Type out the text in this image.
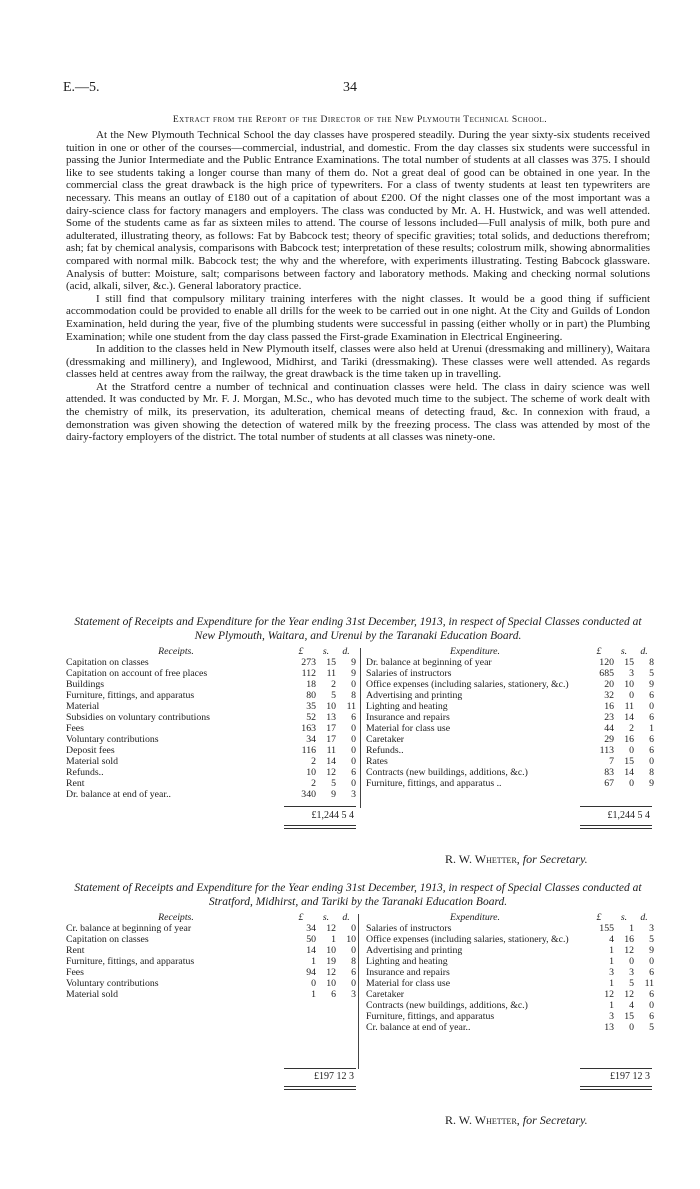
E.—5.	34
Extract from the Report of the Director of the New Plymouth Technical School.

At the New Plymouth Technical School the day classes have prospered steadily. During the year sixty-six students received tuition in one or other of the courses—commercial, industrial, and domestic. From the day classes six students were successful in passing the Junior Intermediate and the Public Entrance Examinations. The total number of students at all classes was 375. I should like to see students taking a longer course than many of them do. Not a great deal of good can be obtained in one year. In the commercial class the great drawback is the high price of typewriters. For a class of twenty students at least ten typewriters are necessary. This means an outlay of £180 out of a capitation of about £200. Of the night classes one of the most important was a dairy-science class for factory managers and employers. The class was conducted by Mr. A. H. Hustwick, and was well attended. Some of the students came as far as sixteen miles to attend. The course of lessons included—Full analysis of milk, both pure and adulterated, illustrating theory, as follows: Fat by Babcock test; theory of specific gravities; total solids, and deductions therefrom; ash; fat by chemical analysis, comparisons with Babcock test; interpretation of these results; colostrum milk, showing abnormalities compared with normal milk. Babcock test; the why and the wherefore, with experiments illustrating. Testing Babcock glassware. Analysis of butter: Moisture, salt; comparisons between factory and laboratory methods. Making and checking normal solutions (acid, alkali, silver, &c.). General laboratory practice.

I still find that compulsory military training interferes with the night classes. It would be a good thing if sufficient accommodation could be provided to enable all drills for the week to be carried out in one night. At the City and Guilds of London Examination, held during the year, five of the plumbing students were successful in passing (either wholly or in part) the Plumbing Examination; while one student from the day class passed the First-grade Examination in Electrical Engineering.

In addition to the classes held in New Plymouth itself, classes were also held at Urenui (dressmaking and millinery), Waitara (dressmaking and millinery), and Inglewood, Midhirst, and Tariki (dressmaking). These classes were well attended. As regards classes held at centres away from the railway, the great drawback is the time taken up in travelling.

At the Stratford centre a number of technical and continuation classes were held. The class in dairy science was well attended. It was conducted by Mr. F. J. Morgan, M.Sc., who has devoted much time to the subject. The scheme of work dealt with the chemistry of milk, its preservation, its adulteration, chemical means of detecting fraud, &c. In connexion with fraud, a demonstration was given showing the detection of watered milk by the freezing process. The class was attended by most of the dairy-factory employers of the district. The total number of students at all classes was ninety-one.

Statement of Receipts and Expenditure for the Year ending 31st December, 1913, in respect of Special Classes conducted at New Plymouth, Waitara, and Urenui by the Taranaki Education Board.
Receipts.	£	s.	d.
Capitation on classes	273	15	9
Capitation on account of free places	112	11	9
Buildings	18	2	0
Furniture, fittings, and apparatus	80	5	8
Material	35	10	11
Subsidies on voluntary contributions	52	13	6
Fees	163	17	0
Voluntary contributions	34	17	0
Deposit fees	116	11	0
Material sold	2	14	0
Refunds..	10	12	6
Rent	2	5	0
Dr. balance at end of year..	340	9	3
Expenditure.	£	s.	d.
Dr. balance at beginning of year	120	15	8
Salaries of instructors	685	3	5
Office expenses (including salaries, stationery, &c.)	20	10	9
Advertising and printing	32	0	6
Lighting and heating	16	11	0
Insurance and repairs	23	14	6
Material for class use	44	2	1
Caretaker	29	16	6
Refunds..	113	0	6
Rates	7	15	0
Contracts (new buildings, additions, &c.)	83	14	8
Furniture, fittings, and apparatus ..	67	0	9
£1,244 5 4	£1,244 5 4
R. W. Whetter, for Secretary.
Statement of Receipts and Expenditure for the Year ending 31st December, 1913, in respect of Special Classes conducted at Stratford, Midhirst, and Tariki by the Taranaki Education Board.
Receipts.	£	s.	d.
Cr. balance at beginning of year	34	12	0
Capitation on classes	50	1	10
Rent	14	10	0
Furniture, fittings, and apparatus	1	19	8
Fees	94	12	6
Voluntary contributions	0	10	0
Material sold	1	6	3
Expenditure.	£	s.	d.
Salaries of instructors	155	1	3
Office expenses (including salaries, stationery, &c.)	4	16	5
Advertising and printing	1	12	9
Lighting and heating	1	0	0
Insurance and repairs	3	3	6
Material for class use	1	5	11
Caretaker	12	12	6
Contracts (new buildings, additions, &c.)	1	4	0
Furniture, fittings, and apparatus	3	15	6
Cr. balance at end of year..	13	0	5
£197 12 3	£197 12 3
R. W. Whetter, for Secretary.
